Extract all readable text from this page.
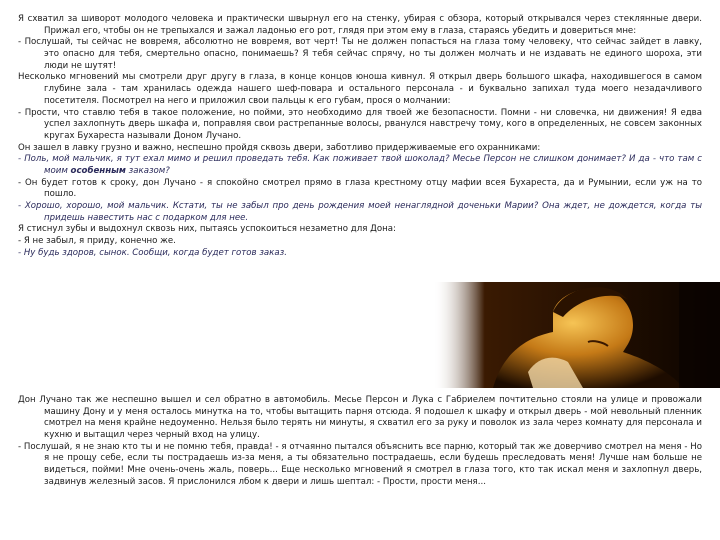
Я схватил за шиворот молодого человека и практически швырнул его на стенку, убирая с обзора, который открывался через стеклянные двери. Прижал его, чтобы он не трепыхался и зажал ладонью его рот, глядя при этом ему в глаза, стараясь убедить и довериться мне:

- Послушай, ты сейчас не вовремя, абсолютно не вовремя, вот черт! Ты не должен попасться на глаза тому человеку, что сейчас зайдет в лавку, это опасно для тебя, смертельно опасно, понимаешь? Я тебя сейчас спрячу, но ты должен молчать и не издавать не единого шороха, эти люди не шутят!

Несколько мгновений мы смотрели друг другу в глаза, в конце концов юноша кивнул. Я открыл дверь большого шкафа, находившегося в самом глубине зала - там хранилась одежда нашего шеф-повара и остального персонала - и буквально запихал туда моего незадачливого посетителя. Посмотрел на него и приложил свои пальцы к его губам, прося о молчании:

- Прости, что ставлю тебя в такое положение, но пойми, это необходимо для твоей же безопасности. Помни - ни словечка, ни движения! Я едва успел захлопнуть дверь шкафа и, поправляя свои растрепанные волосы, рванулся навстречу тому, кого в определенных, не совсем законных кругах Бухареста называли Доном Лучано.

Он зашел в лавку грузно и важно, неспешно пройдя сквозь двери, заботливо придерживаемые его охранниками:

- Поль, мой мальчик, я тут ехал мимо и решил проведать тебя. Как поживает твой шоколад? Месье Персон не слишком донимает? И да - что там с моим особенным заказом?

- Он будет готов к сроку, дон Лучано - я спокойно смотрел прямо в глаза крестному отцу мафии всея Бухареста, да и Румынии, если уж на то пошло.

- Хорошо, хорошо, мой мальчик. Кстати, ты не забыл про день рождения моей ненаглядной доченьки Марии? Она ждет, не дождется, когда ты придешь навестить нас с подарком для нее.

Я стиснул зубы и выдохнул сквозь них, пытаясь успокоиться незаметно для Дона:

- Я не забыл, я приду, конечно же.

- Ну будь здоров, сынок. Сообщи, когда будет готов заказ.

Дон Лучано так же неспешно вышел и сел обратно в автомобиль. Месье Персон и Лука с Габриелем почтительно стояли на улице и провожали машину Дону и у меня осталось минутка на то, чтобы вытащить парня отсюда. Я подошел к шкафу и открыл дверь - мой невольный пленник смотрел на меня крайне недоуменно. Нельзя было терять ни минуты, я схватил его за руку и поволок из зала через комнату для персонала и кухню и вытащил через черный вход на улицу.

- Послушай, я не знаю кто ты и не помню тебя, правда! - я отчаянно пытался объяснить все парню, который так же доверчиво смотрел на меня - Но я не прощу себе, если ты пострадаешь из-за меня, а ты обязательно пострадаешь, если будешь преследовать меня! Лучше нам больше не видеться, пойми! Мне очень-очень жаль, поверь... Еще несколько мгновений я смотрел в глаза того, кто так искал меня и захлопнул дверь, задвинув железный засов. Я прислонился лбом к двери и лишь шептал: - Прости, прости меня...
